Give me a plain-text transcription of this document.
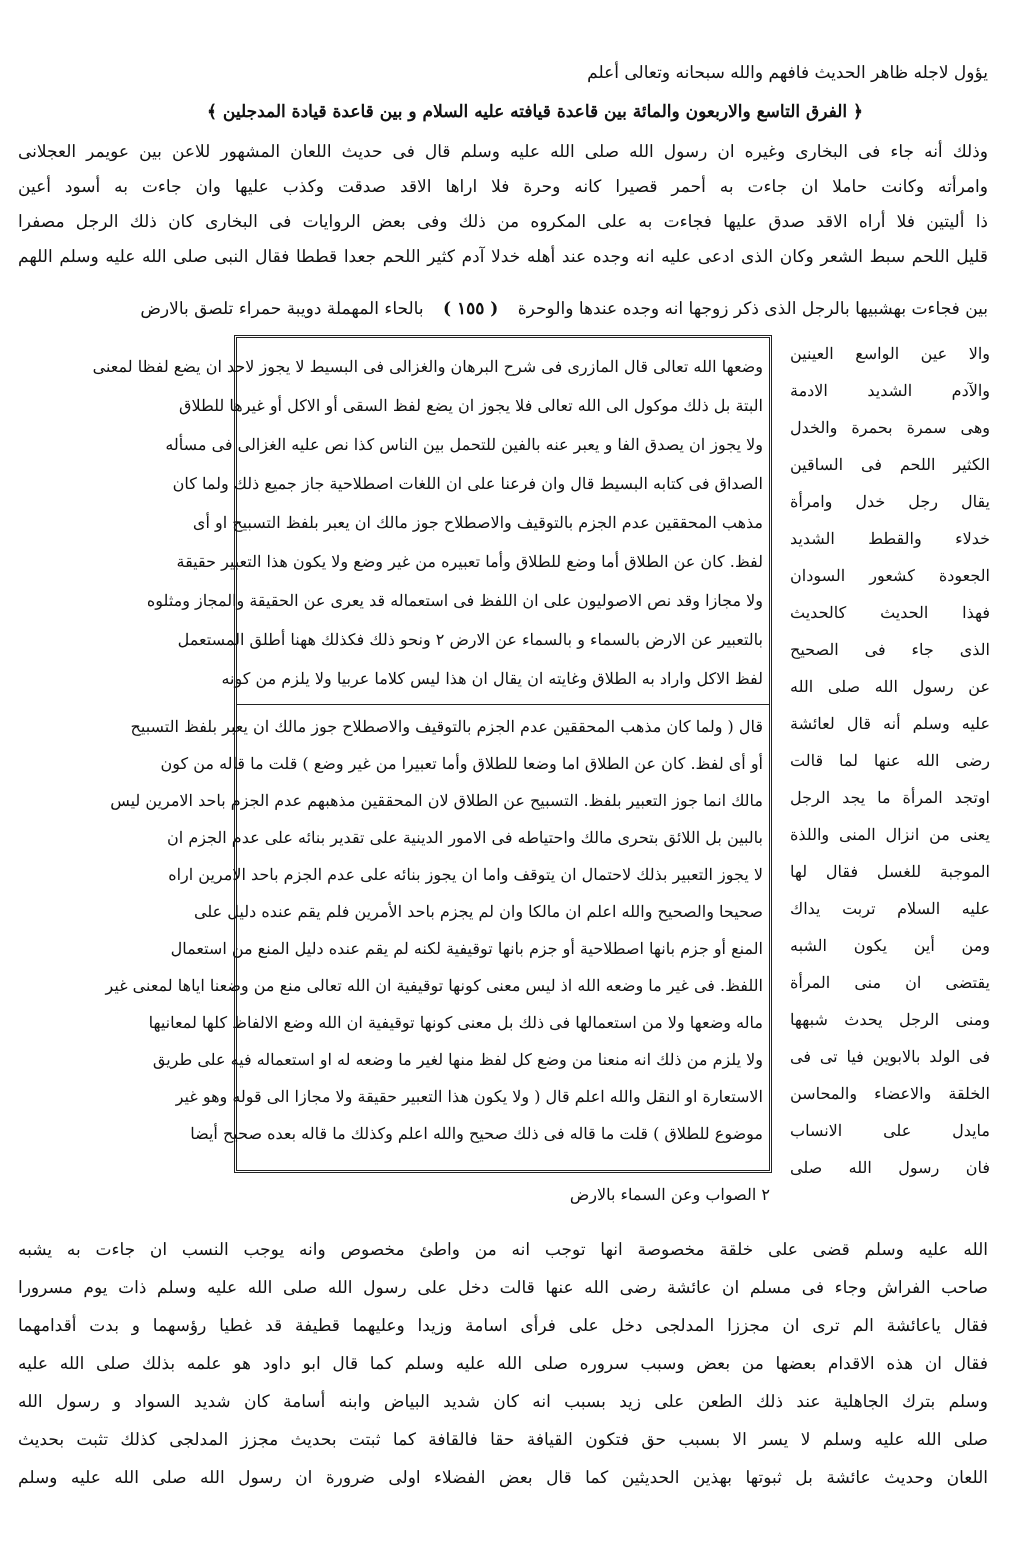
يؤول لاجله ظاهر الحديث فافهم والله سبحانه وتعالى أعلم
﴿ الفرق التاسع والاربعون والمائة بين قاعدة قيافته عليه السلام و بين قاعدة قيادة المدجلين ﴾
وذلك أنه جاء فى البخارى وغيره ان رسول الله صلى الله عليه وسلم قال فى حديث اللعان المشهور للاعن بين عويمر العجلانى
وامرأته وكانت حاملا ان جاءت به أحمر قصيرا كانه وحرة فلا اراها الاقد صدقت وكذب عليها وان جاءت به أسود أعين
ذا أليتين فلا أراه الاقد صدق عليها فجاءت به على المكروه من ذلك وفى بعض الروايات فى البخارى كان ذلك الرجل مصفرا
قليل اللحم سبط الشعر وكان الذى ادعى عليه انه وجده عند أهله خدلا آدم كثير اللحم جعدا قططا فقال النبى صلى الله عليه وسلم اللهم
بين فجاءت بهشبيها بالرجل الذى ذكر زوجها انه وجده عندها والوحرة ( ١٥٥ ) بالحاء المهملة دويبة حمراء تلصق بالارض
وضعها الله تعالى قال المازرى فى شرح البرهان والغزالى فى البسيط لا يجوز لاحد ان يضع لفظا لمعنى
البتة بل ذلك موكول الى الله تعالى فلا يجوز ان يضع لفظ السقى أو الاكل أو غيرها للطلاق
ولا يجوز ان يصدق الفا و يعبر عنه بالفين للتحمل بين الناس كذا نص عليه الغزالى فى مسأله
الصداق فى كتابه البسيط قال وان فرعنا على ان اللغات اصطلاحية جاز جميع ذلك ولما كان
مذهب المحققين عدم الجزم بالتوقيف والاصطلاح جوز مالك ان يعبر بلفظ التسبيح او أى
لفظ. كان عن الطلاق أما وضع للطلاق وأما تعبيره من غير وضع ولا يكون هذا التعبير حقيقة
ولا مجازا وقد نص الاصوليون على ان اللفظ فى استعماله قد يعرى عن الحقيقة والمجاز ومثلوه
بالتعبير عن الارض بالسماء و بالسماء عن الارض ٢ ونحو ذلك فكذلك ههنا أطلق المستعمل
لفظ الاكل واراد به الطلاق وغايته ان يقال ان هذا ليس كلاما عربيا ولا يلزم من كونه
قال ( ولما كان مذهب المحققين عدم الجزم بالتوقيف والاصطلاح جوز مالك ان يعبر بلفظ التسبيح
أو أى لفظ. كان عن الطلاق اما وضعا للطلاق وأما تعبيرا من غير وضع ) قلت ما قاله من كون
مالك انما جوز التعبير بلفظ. التسبيح عن الطلاق لان المحققين مذهبهم عدم الجزم باحد الامرين ليس
بالبين بل اللائق بتحرى مالك واحتياطه فى الامور الدينية على تقدير بنائه على عدم الجزم ان
لا يجوز التعبير بذلك لاحتمال ان يتوقف واما ان يجوز بنائه على عدم الجزم باحد الامرين اراه
صحيحا والصحيح والله اعلم ان مالكا وان لم يجزم باحد الأمرين فلم يقم عنده دليل على
المنع أو جزم بانها اصطلاحية أو جزم بانها توقيفية لكنه لم يقم عنده دليل المنع من استعمال
اللفظ. فى غير ما وضعه الله اذ ليس معنى كونها توقيفية ان الله تعالى منع من وضعنا اياها لمعنى غير
ماله وضعها ولا من استعمالها فى ذلك بل معنى كونها توقيفية ان الله وضع الالفاظ كلها لمعانيها
ولا يلزم من ذلك انه منعنا من وضع كل لفظ منها لغير ما وضعه له او استعماله فيه على طريق
الاستعارة او النقل والله اعلم قال ( ولا يكون هذا التعبير حقيقة ولا مجازا الى قوله وهو غير
موضوع للطلاق ) قلت ما قاله فى ذلك صحيح والله اعلم وكذلك ما قاله بعده صحيح أيضا
والا عين الواسع العينين
والآدم الشديد الادمة
وهى سمرة بحمرة والخدل
الكثير اللحم فى الساقين
يقال رجل خدل وامرأة
خدلاء والقطط الشديد
الجعودة كشعور السودان
فهذا الحديث كالحديث
الذى جاء فى الصحيح
عن رسول الله صلى الله
عليه وسلم أنه قال لعائشة
رضى الله عنها لما قالت
اوتجد المرأة ما يجد الرجل
يعنى من انزال المنى واللذة
الموجبة للغسل فقال لها
عليه السلام تربت يداك
ومن أين يكون الشبه
يقتضى ان منى المرأة
ومنى الرجل يحدث شبهها
فى الولد بالابوين فيا تى فى
الخلقة والاعضاء والمحاسن
مايدل على الانساب
فان رسول الله صلى
٢ الصواب وعن السماء بالارض
الله عليه وسلم قضى على خلقة مخصوصة انها توجب انه من واطئ مخصوص وانه يوجب النسب ان جاءت به يشبه
صاحب الفراش وجاء فى مسلم ان عائشة رضى الله عنها قالت دخل على رسول الله صلى الله عليه وسلم ذات يوم مسرورا
فقال ياعائشة الم ترى ان مجززا المدلجى دخل على فرأى اسامة وزيدا وعليهما قطيفة قد غطيا رؤسهما و بدت أقدامهما
فقال ان هذه الاقدام بعضها من بعض وسبب سروره صلى الله عليه وسلم كما قال ابو داود هو علمه بذلك صلى الله عليه
وسلم بترك الجاهلية عند ذلك الطعن على زيد بسبب انه كان شديد البياض وابنه أسامة كان شديد السواد و رسول الله
صلى الله عليه وسلم لا يسر الا بسبب حق فتكون القيافة حقا فالقافة كما ثبتت بحديث مجزز المدلجى كذلك تثبت بحديث
اللعان وحديث عائشة بل ثبوتها بهذين الحديثين كما قال بعض الفضلاء اولى ضرورة ان رسول الله صلى الله عليه وسلم
